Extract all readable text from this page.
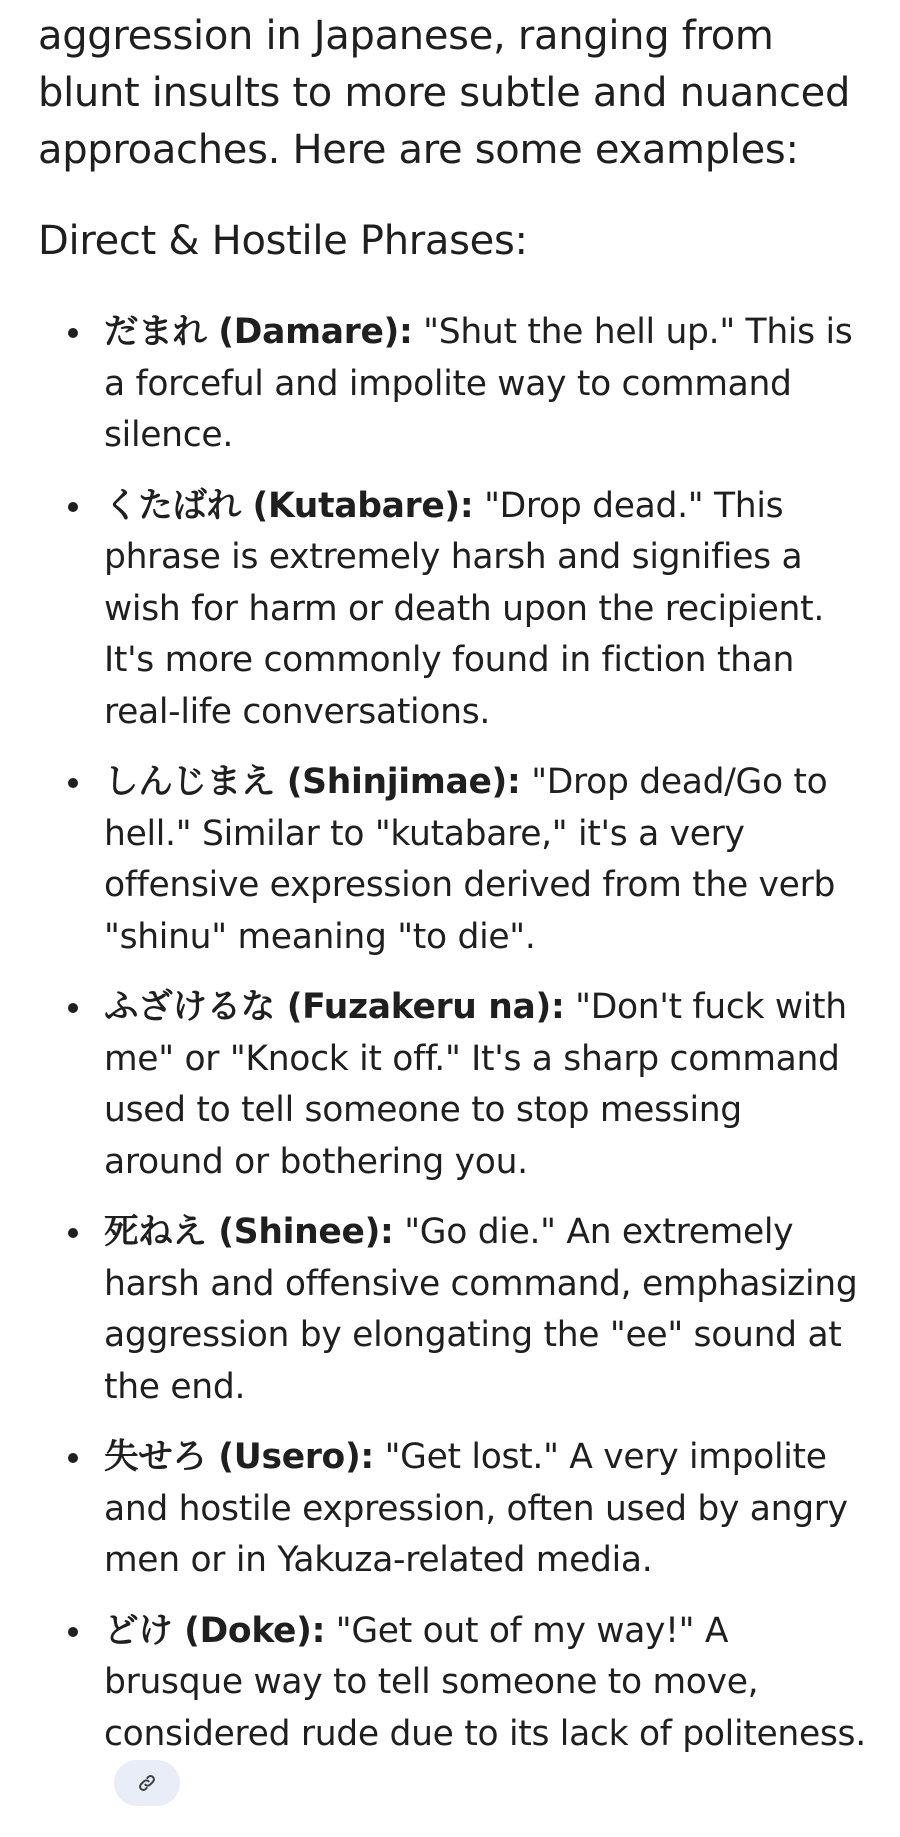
aggression in Japanese, ranging from blunt insults to more subtle and nuanced approaches. Here are some examples:

Direct & Hostile Phrases:
だまれ (Damare): "Shut the hell up." This is a forceful and impolite way to command silence.
くたばれ (Kutabare): "Drop dead." This phrase is extremely harsh and signifies a wish for harm or death upon the recipient. It's more commonly found in fiction than real-life conversations.
しんじまえ (Shinjimae): "Drop dead/Go to hell." Similar to "kutabare," it's a very offensive expression derived from the verb "shinu" meaning "to die".
ふざけるな (Fuzakeru na): "Don't fuck with me" or "Knock it off." It's a sharp command used to tell someone to stop messing around or bothering you.
死ねえ (Shinee): "Go die." An extremely harsh and offensive command, emphasizing aggression by elongating the "ee" sound at the end.
失せろ (Usero): "Get lost." A very impolite and hostile expression, often used by angry men or in Yakuza-related media.
どけ (Doke): "Get out of my way!" A brusque way to tell someone to move, considered rude due to its lack of politeness.
